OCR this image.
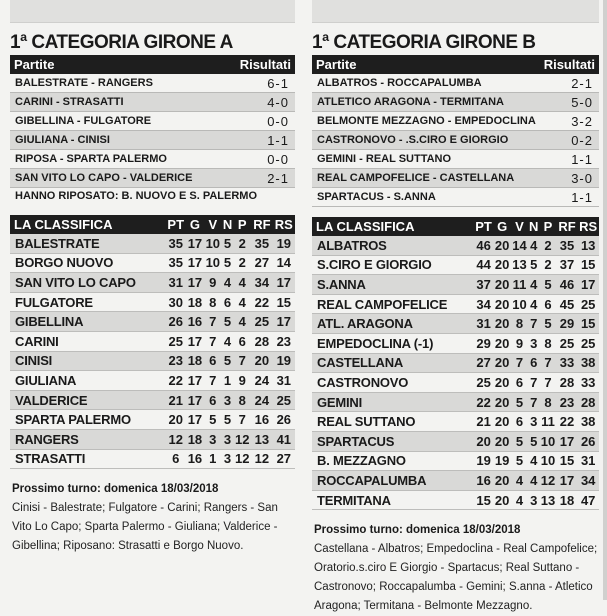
1ª CATEGORIA GIRONE A
Partite	Risultati
BALESTRATE - RANGERS	6-1
CARINI - STRASATTI	4-0
GIBELLINA - FULGATORE	0-0
GIULIANA - CINISI	1-1
RIPOSA - SPARTA PALERMO	0-0
SAN VITO LO CAPO - VALDERICE	2-1
HANNO RIPOSATO: B. NUOVO E S. PALERMO
LA CLASSIFICA	PT	G	V	N	P	RF	RS
BALESTRATE	35	17	10	5	2	35	19
BORGO NUOVO	35	17	10	5	2	27	14
SAN VITO LO CAPO	31	17	9	4	4	34	17
FULGATORE	30	18	8	6	4	22	15
GIBELLINA	26	16	7	5	4	25	17
CARINI	25	17	7	4	6	28	23
CINISI	23	18	6	5	7	20	19
GIULIANA	22	17	7	1	9	24	31
VALDERICE	21	17	6	3	8	24	25
SPARTA PALERMO	20	17	5	5	7	16	26
RANGERS	12	18	3	3	12	13	41
STRASATTI	6	16	1	3	12	12	27
Prossimo turno: domenica 18/03/2018
Cinisi - Balestrate; Fulgatore - Carini; Rangers - San Vito Lo Capo; Sparta Palermo - Giuliana; Valderice - Gibellina; Riposano: Strasatti e Borgo Nuovo.
1ª CATEGORIA GIRONE B
Partite	Risultati
ALBATROS - ROCCAPALUMBA	2-1
ATLETICO ARAGONA - TERMITANA	5-0
BELMONTE MEZZAGNO - EMPEDOCLINA	3-2
CASTRONOVO - .S.CIRO E GIORGIO	0-2
GEMINI - REAL SUTTANO	1-1
REAL CAMPOFELICE - CASTELLANA	3-0
SPARTACUS - S.ANNA	1-1
LA CLASSIFICA	PT	G	V	N	P	RF	RS
ALBATROS	46	20	14	4	2	35	13
S.CIRO E GIORGIO	44	20	13	5	2	37	15
S.ANNA	37	20	11	4	5	46	17
REAL CAMPOFELICE	34	20	10	4	6	45	25
ATL. ARAGONA	31	20	8	7	5	29	15
EMPEDOCLINA (-1)	29	20	9	3	8	25	25
CASTELLANA	27	20	7	6	7	33	38
CASTRONOVO	25	20	6	7	7	28	33
GEMINI	22	20	5	7	8	23	28
REAL SUTTANO	21	20	6	3	11	22	38
SPARTACUS	20	20	5	5	10	17	26
B. MEZZAGNO	19	19	5	4	10	15	31
ROCCAPALUMBA	16	20	4	4	12	17	34
TERMITANA	15	20	4	3	13	18	47
Prossimo turno: domenica 18/03/2018
Castellana - Albatros; Empedoclina - Real Campofelice; Oratorio.s.ciro E Giorgio - Spartacus; Real Suttano - Castronovo; Roccapalumba - Gemini; S.anna - Atletico Aragona; Termitana - Belmonte Mezzagno.
